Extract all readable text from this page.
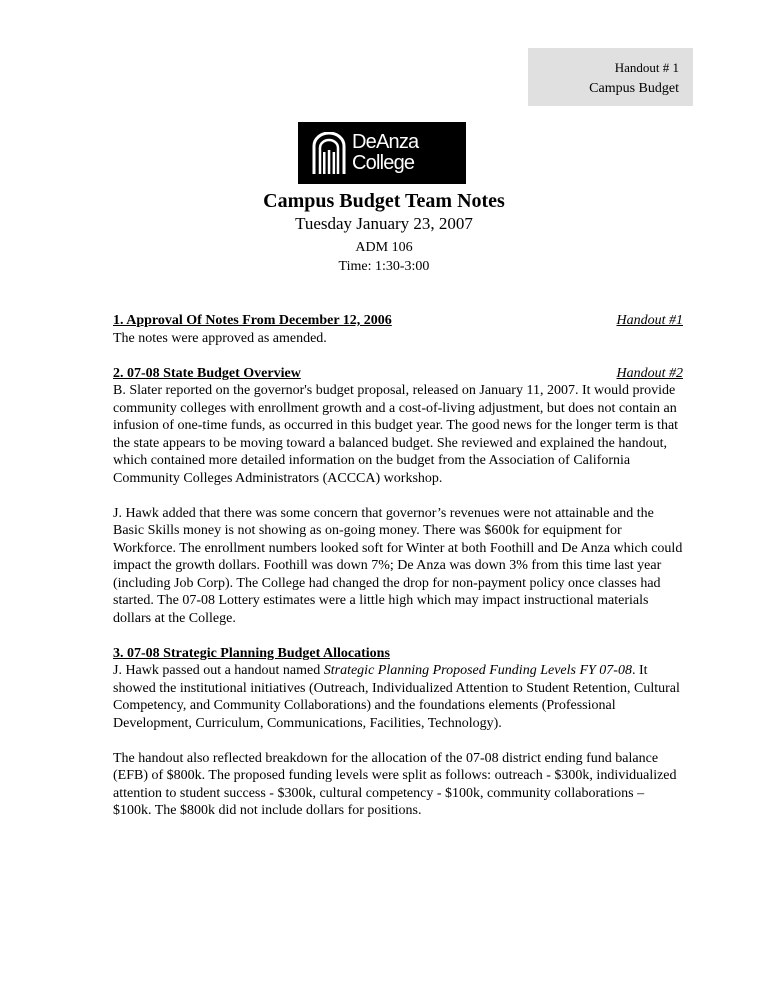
Handout # 1
Campus Budget
DeAnza
College
Campus Budget Team Notes
Tuesday January 23, 2007
ADM 106
Time: 1:30-3:00
1. Approval Of Notes From December 12, 2006	Handout #1

The notes were approved as amended.

2. 07-08 State Budget Overview	Handout #2

B. Slater reported on the governor's budget proposal, released on January 11, 2007. It would provide community colleges with enrollment growth and a cost-of-living adjustment, but does not contain an infusion of one-time funds, as occurred in this budget year. The good news for the longer term is that the state appears to be moving toward a balanced budget. She reviewed and explained the handout, which contained more detailed information on the budget from the Association of California Community Colleges Administrators (ACCCA) workshop.

J. Hawk added that there was some concern that governor’s revenues were not attainable and the Basic Skills money is not showing as on-going money. There was $600k for equipment for Workforce. The enrollment numbers looked soft for Winter at both Foothill and De Anza which could impact the growth dollars. Foothill was down 7%; De Anza was down 3% from this time last year (including Job Corp). The College had changed the drop for non-payment policy once classes had started. The 07-08 Lottery estimates were a little high which may impact instructional materials dollars at the College.

3. 07-08 Strategic Planning Budget Allocations

J. Hawk passed out a handout named Strategic Planning Proposed Funding Levels FY 07-08. It showed the institutional initiatives (Outreach, Individualized Attention to Student Retention, Cultural Competency, and Community Collaborations) and the foundations elements (Professional Development, Curriculum, Communications, Facilities, Technology).

The handout also reflected breakdown for the allocation of the 07-08 district ending fund balance (EFB) of $800k. The proposed funding levels were split as follows: outreach - $300k, individualized attention to student success - $300k, cultural competency - $100k, community collaborations – $100k. The $800k did not include dollars for positions.
